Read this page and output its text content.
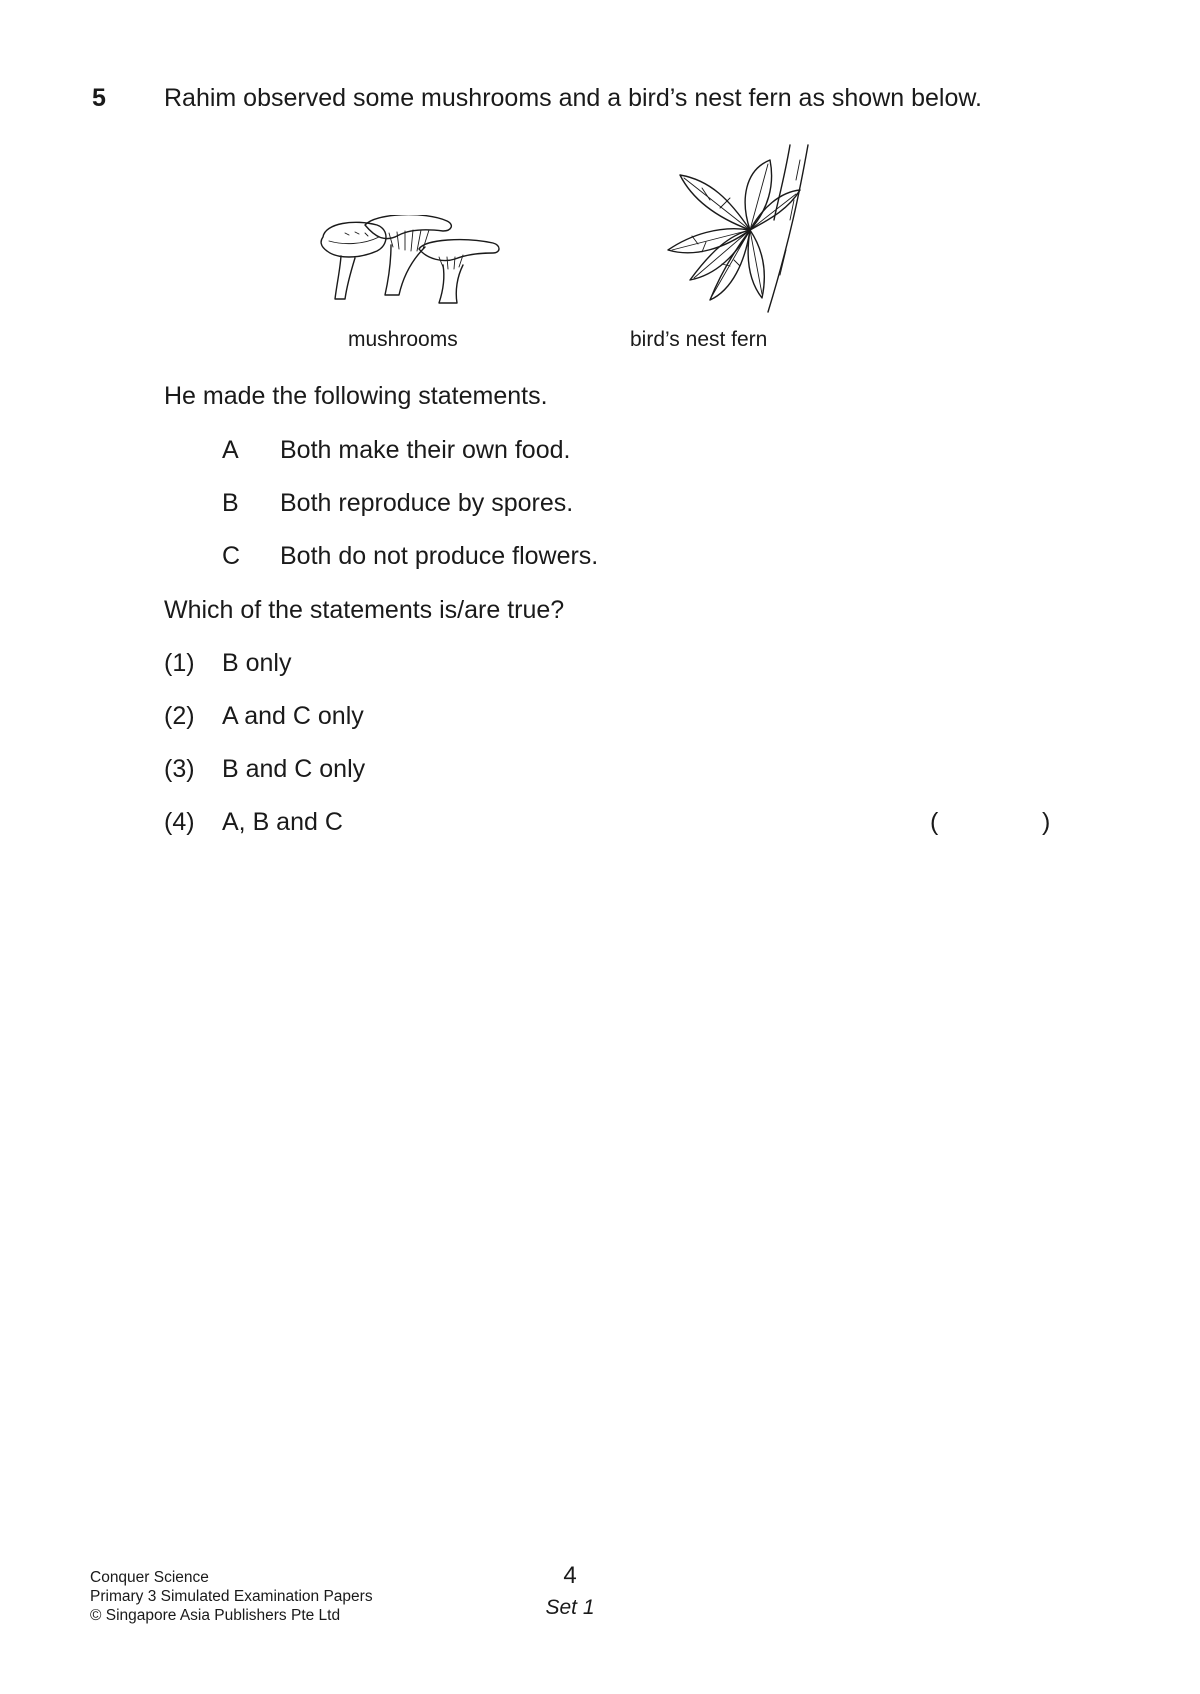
5 Rahim observed some mushrooms and a bird’s nest fern as shown below.
mushrooms	bird’s nest fern
He made the following statements.
A	Both make their own food.
B	Both reproduce by spores.
C	Both do not produce flowers.
Which of the statements is/are true?
(1) B only
(2) A and C only
(3) B and C only
(4) A, B and C	(	)
Conquer Science
Primary 3 Simulated Examination Papers
© Singapore Asia Publishers Pte Ltd
4
Set 1
